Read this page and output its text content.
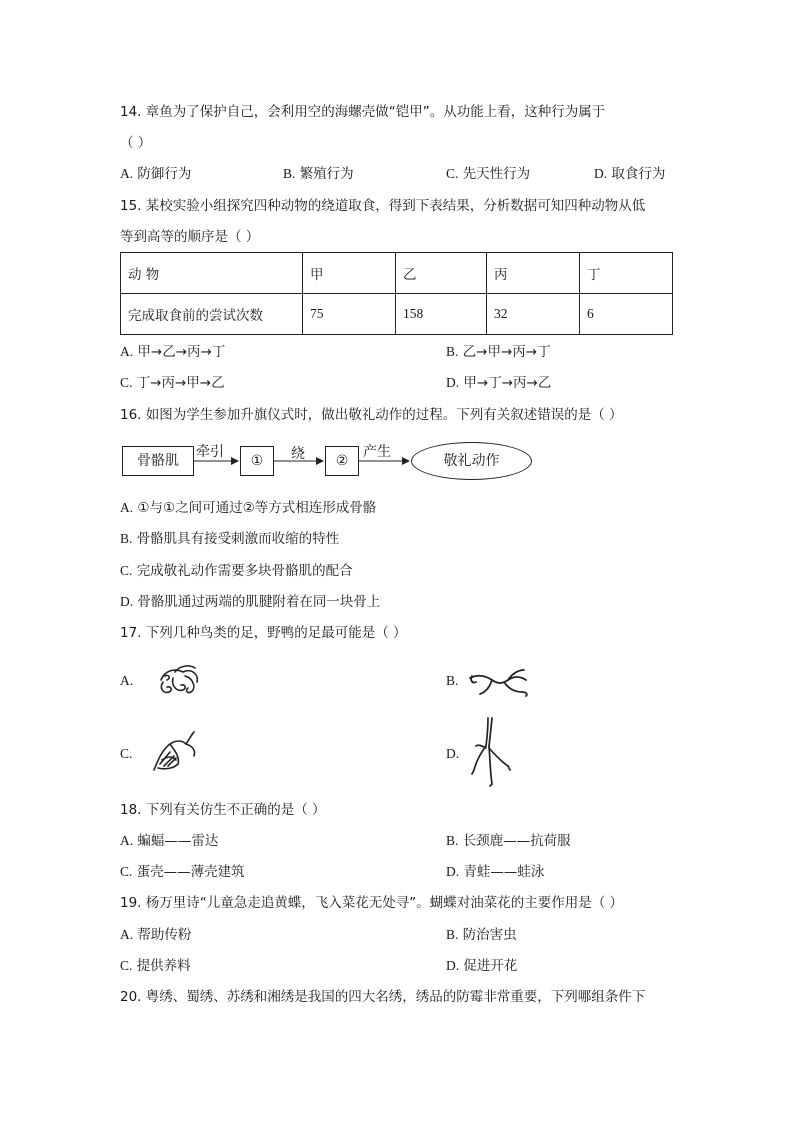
14. 章鱼为了保护自己，会利用空的海螺壳做“铠甲”。从功能上看，这种行为属于
（ ）
A. 防御行为	B. 繁殖行为	C. 先天性行为	D. 取食行为
15. 某校实验小组探究四种动物的绕道取食，得到下表结果，分析数据可知四种动物从低
等到高等的顺序是（ ）
动 物	甲	乙	丙	丁
完成取食前的尝试次数	75	158	32	6
A. 甲→乙→丙→丁	B. 乙→甲→丙→丁
C. 丁→丙→甲→乙	D. 甲→丁→丙→乙
16. 如图为学生参加升旗仪式时，做出敬礼动作的过程。下列有关叙述错误的是（ ）
骨骼肌
牵引
①	绕	②
产生
敬礼动作
A. ①与①之间可通过②等方式相连形成骨骼
B. 骨骼肌具有接受刺激而收缩的特性
C. 完成敬礼动作需要多块骨骼肌的配合
D. 骨骼肌通过两端的肌腱附着在同一块骨上
17. 下列几种鸟类的足，野鸭的足最可能是（ ）
A.	B.
C.	D.
18. 下列有关仿生不正确的是（ ）
A. 蝙蝠——雷达	B. 长颈鹿——抗荷服
C. 蛋壳——薄壳建筑	D. 青蛙——蛙泳
19. 杨万里诗“儿童急走追黄蝶，飞入菜花无处寻”。蝴蝶对油菜花的主要作用是（ ）
A. 帮助传粉	B. 防治害虫
C. 提供养料	D. 促进开花
20. 粤绣、蜀绣、苏绣和湘绣是我国的四大名绣，绣品的防霉非常重要，下列哪组条件下
